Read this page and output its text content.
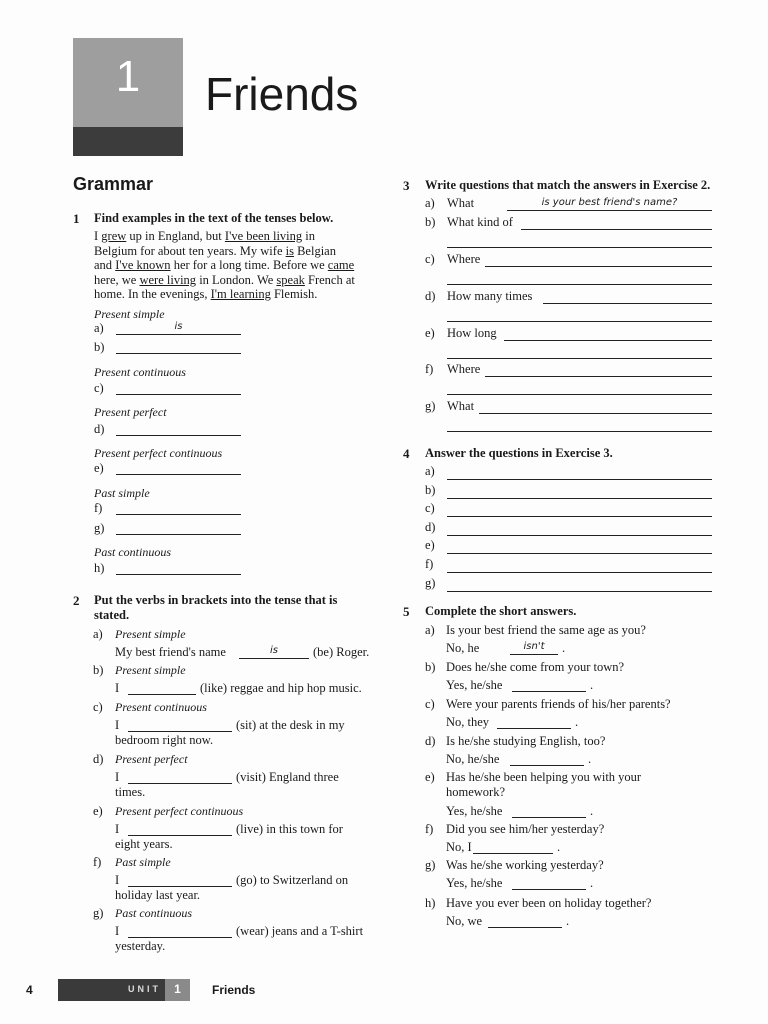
1	Friends
Grammar
4	UNIT	1	Friends
1 Find examples in the text of the tenses below.
I grew up in England, but I've been living in
Belgium for about ten years. My wife is Belgian
and I've known her for a long time. Before we came
here, we were living in London. We speak French at
home. In the evenings, I'm learning Flemish.
Present simple
a)	is
b)
Present continuous
c)
Present perfect
d)
Present perfect continuous
e)
Past simple
f)
g)
Past continuous
h)
2 Put the verbs in brackets into the tense that is
stated.
a) Present simple
My best friend's name	is	(be) Roger.
b) Present simple
I	(like) reggae and hip hop music.
c) Present continuous
I	(sit) at the desk in my
bedroom right now.
d) Present perfect
I	(visit) England three
times.
e) Present perfect continuous
I	(live) in this town for
eight years.
f) Past simple
I	(go) to Switzerland on
holiday last year.
g) Past continuous
I	(wear) jeans and a T-shirt
yesterday.
3 Write questions that match the answers in Exercise 2.
a) What	is your best friend's name?
b) What kind of
c) Where
d) How many times
e) How long
f) Where
g) What
4 Answer the questions in Exercise 3.
a)
b)
c)
d)
e)
f)
g)
5 Complete the short answers.
a) Is your best friend the same age as you?
No, he	isn't	.
b) Does he/she come from your town?
Yes, he/she	.
c) Were your parents friends of his/her parents?
No, they	.
d) Is he/she studying English, too?
No, he/she	.
e) Has he/she been helping you with your
homework?
Yes, he/she	.
f) Did you see him/her yesterday?
No, I	.
g) Was he/she working yesterday?
Yes, he/she	.
h) Have you ever been on holiday together?
No, we	.
